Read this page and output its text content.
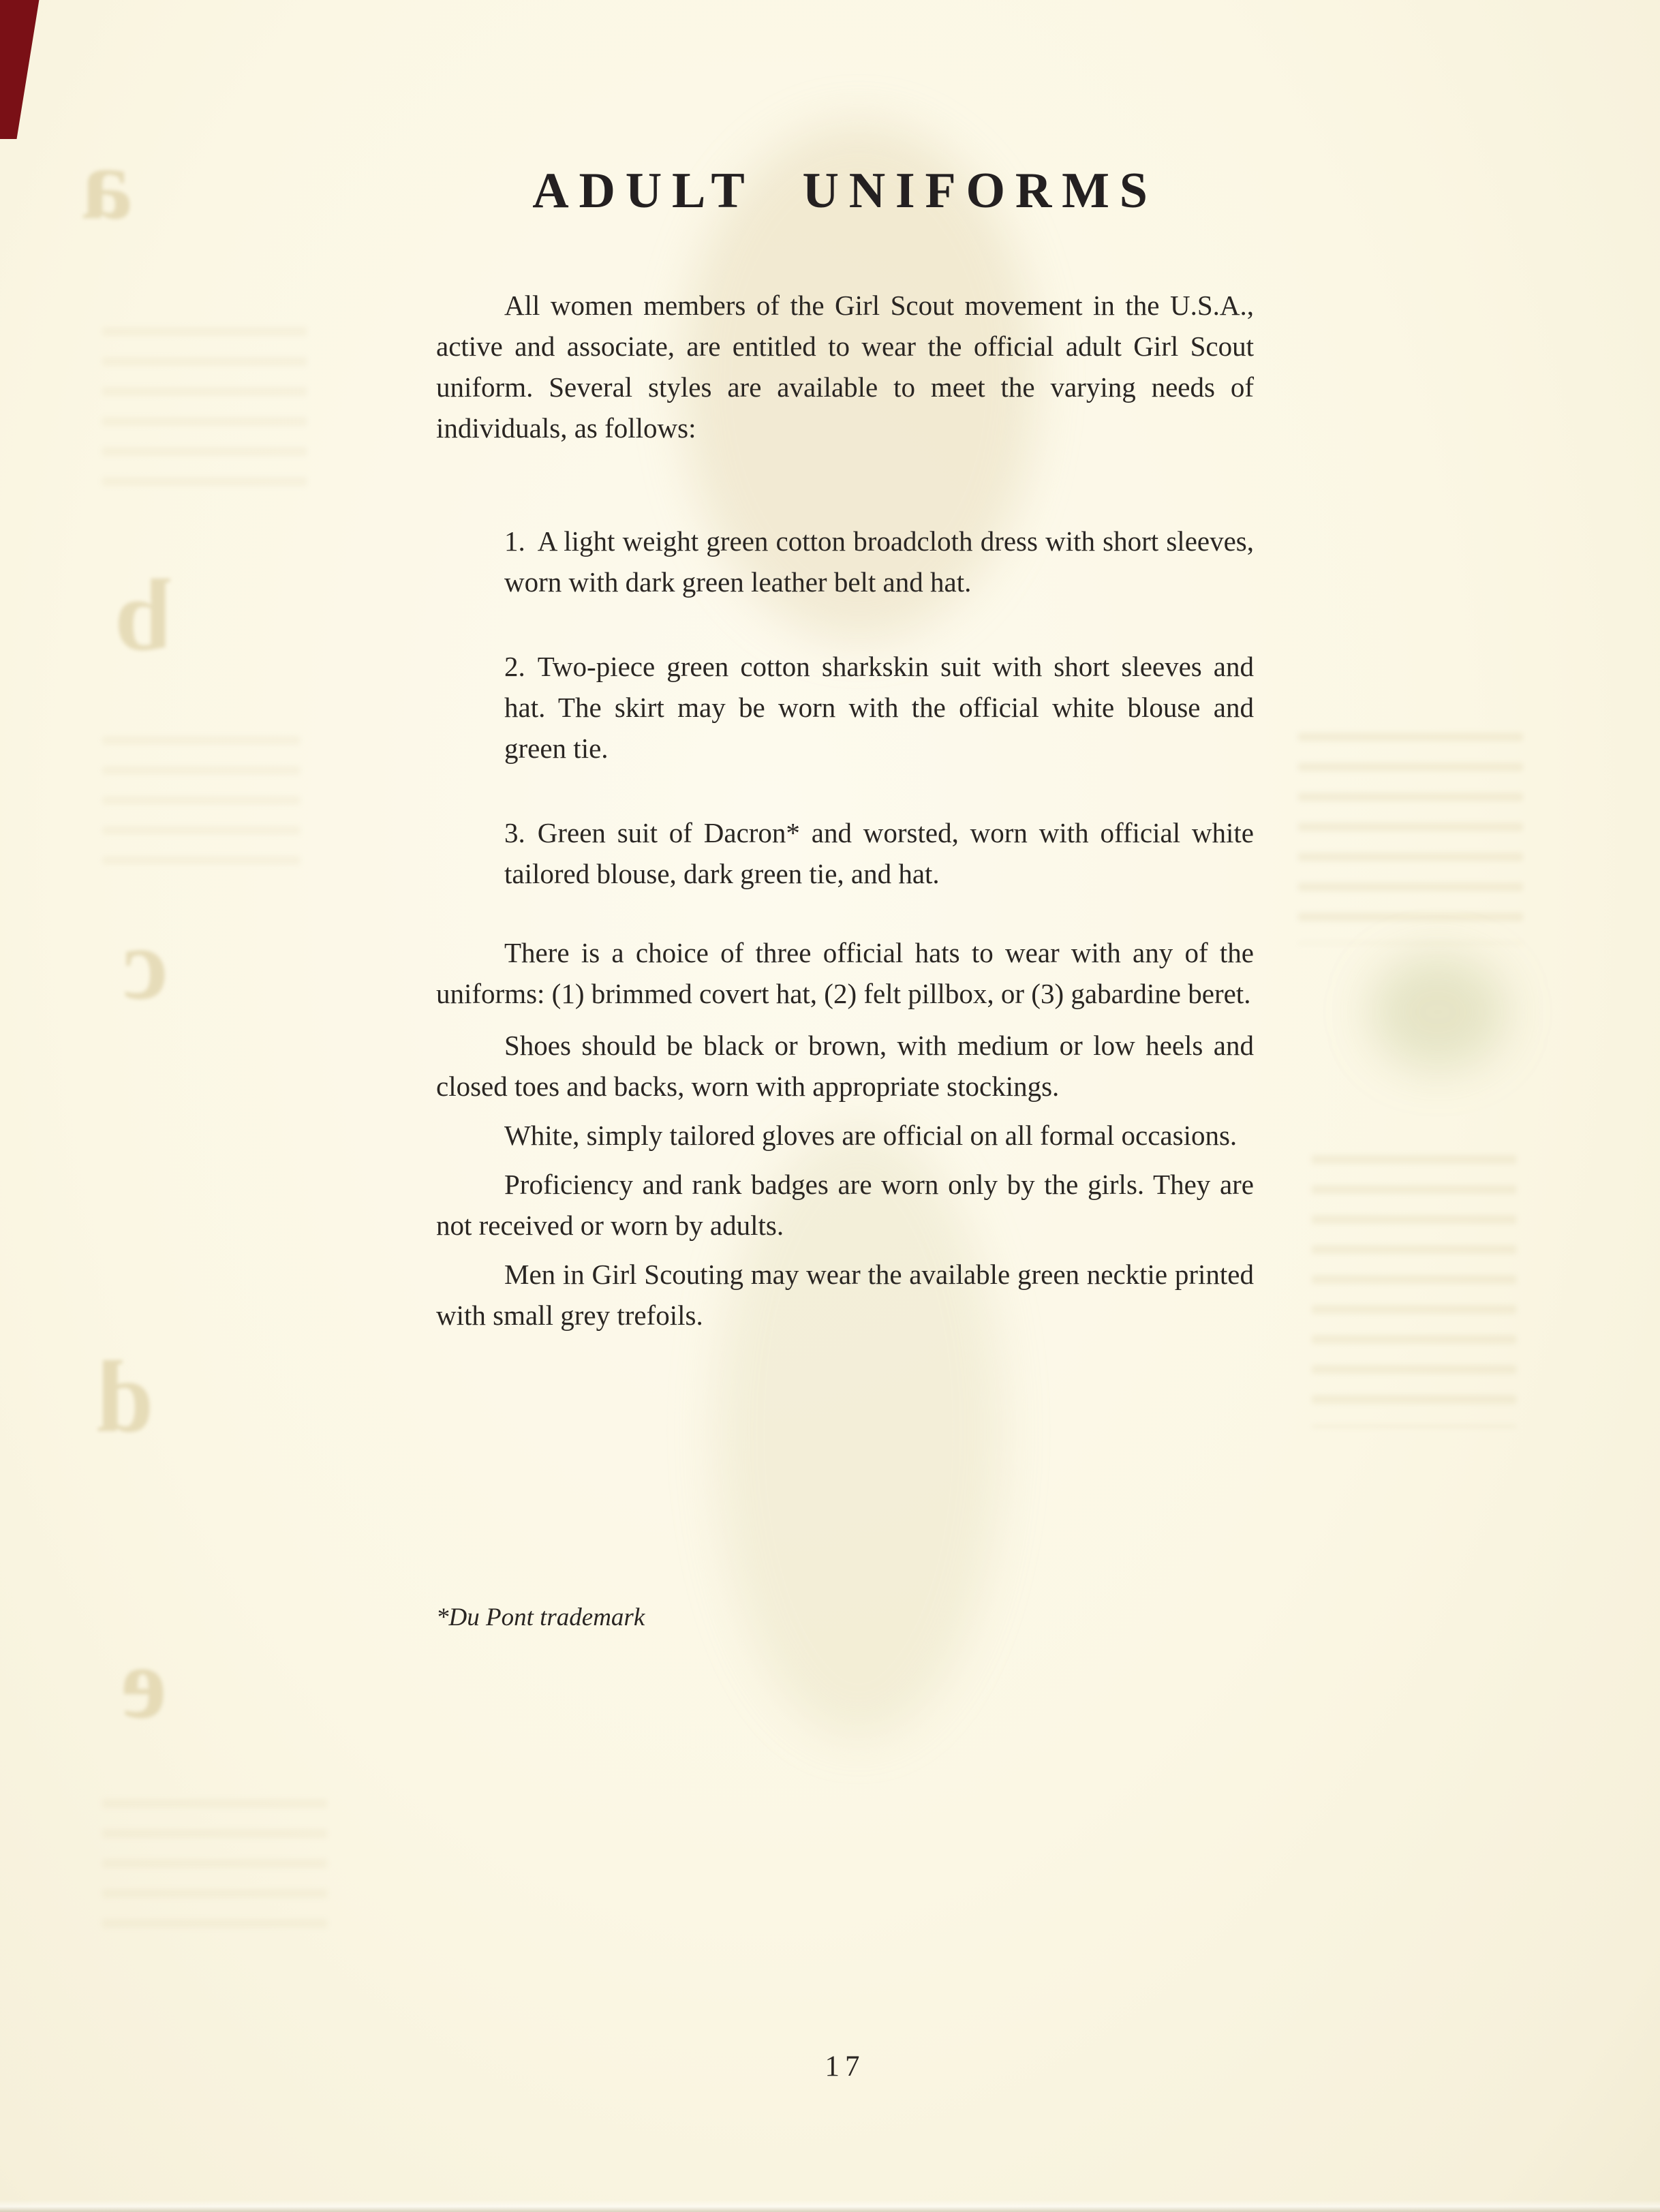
a
b
c
d
e
ADULT UNIFORMS

All women members of the Girl Scout movement in the U.S.A., active and associate, are entitled to wear the official adult Girl Scout uniform. Several styles are available to meet the varying needs of individuals, as follows:

1. A light weight green cotton broadcloth dress with short sleeves, worn with dark green leather belt and hat.

2. Two-piece green cotton sharkskin suit with short sleeves and hat. The skirt may be worn with the official white blouse and green tie.

3. Green suit of Dacron* and worsted, worn with official white tailored blouse, dark green tie, and hat.

There is a choice of three official hats to wear with any of the uniforms: (1) brimmed covert hat, (2) felt pillbox, or (3) gabardine beret.

Shoes should be black or brown, with medium or low heels and closed toes and backs, worn with appropriate stockings.

White, simply tailored gloves are official on all formal occasions.

Proficiency and rank badges are worn only by the girls. They are not received or worn by adults.

Men in Girl Scouting may wear the available green necktie printed with small grey trefoils.

*Du Pont trademark
17
